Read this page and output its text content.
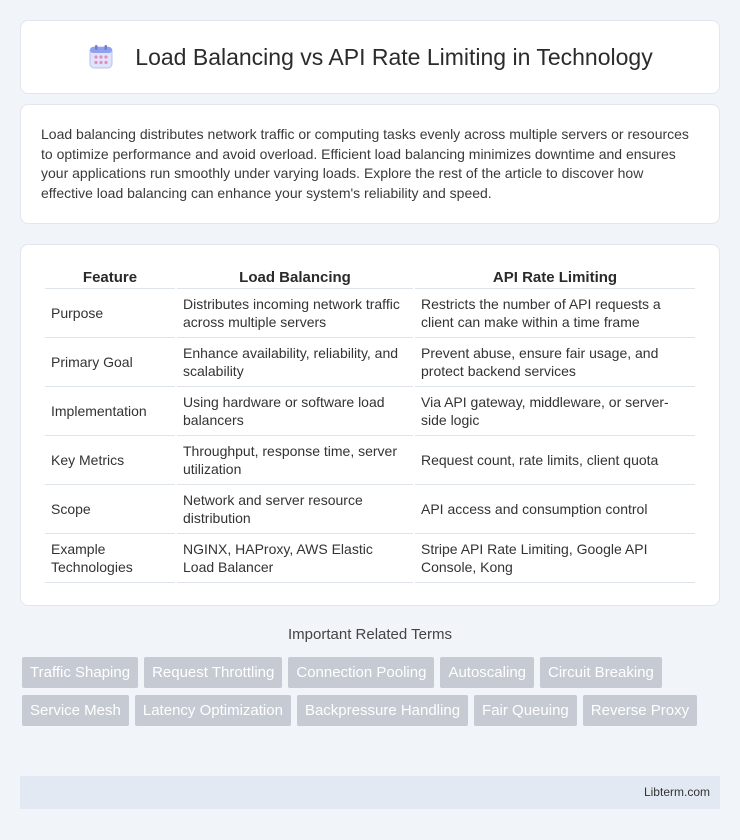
Load Balancing vs API Rate Limiting in Technology

Load balancing distributes network traffic or computing tasks evenly across multiple servers or resources to optimize performance and avoid overload. Efficient load balancing minimizes downtime and ensures your applications run smoothly under varying loads. Explore the rest of the article to discover how effective load balancing can enhance your system's reliability and speed.

Feature	Load Balancing	API Rate Limiting
Purpose	Distributes incoming network traffic across multiple servers	Restricts the number of API requests a client can make within a time frame
Primary Goal	Enhance availability, reliability, and scalability	Prevent abuse, ensure fair usage, and protect backend services
Implementation	Using hardware or software load balancers	Via API gateway, middleware, or server-side logic
Key Metrics	Throughput, response time, server utilization	Request count, rate limits, client quota
Scope	Network and server resource distribution	API access and consumption control
Example Technologies	NGINX, HAProxy, AWS Elastic Load Balancer	Stripe API Rate Limiting, Google API Console, Kong
Important Related Terms
Traffic Shaping	Request Throttling	Connection Pooling	Autoscaling	Circuit Breaking
Service Mesh	Latency Optimization	Backpressure Handling	Fair Queuing	Reverse Proxy
Libterm.com
